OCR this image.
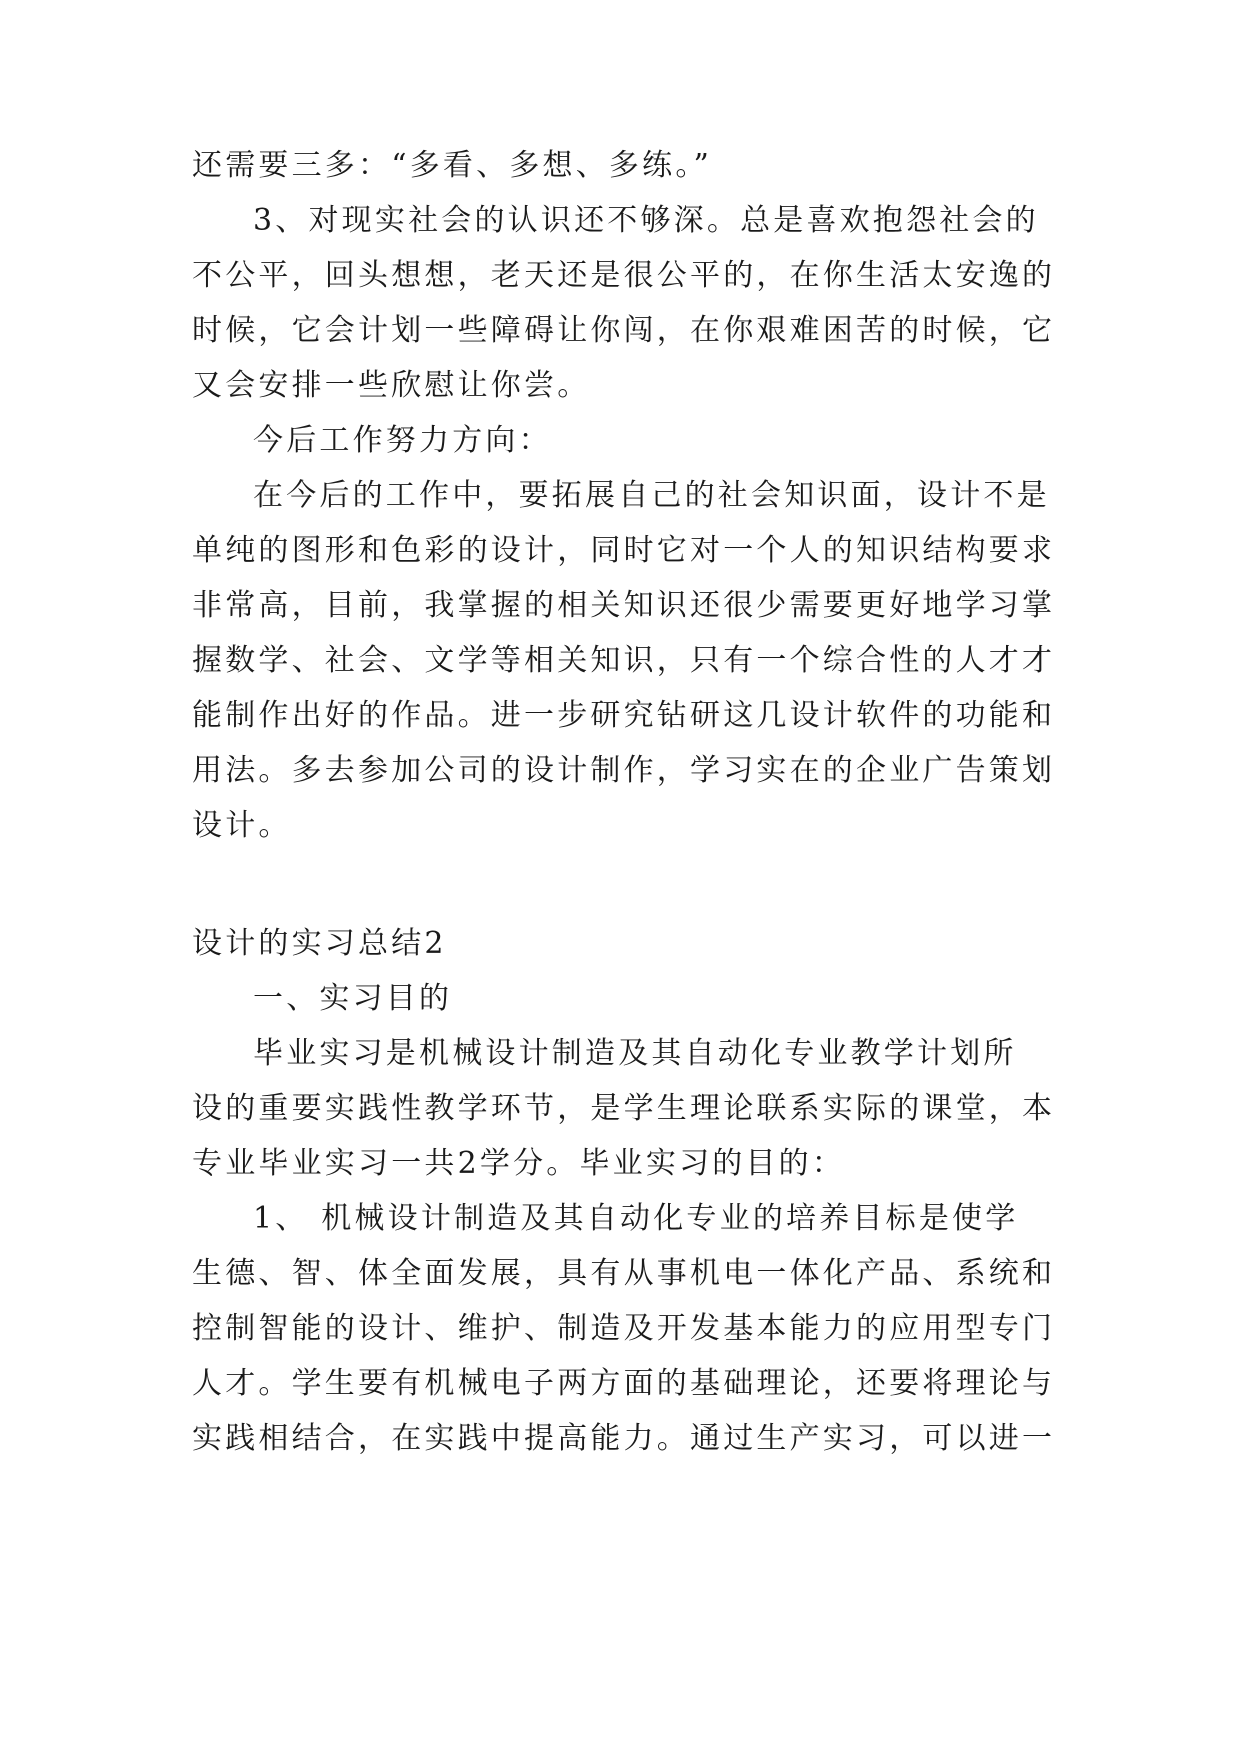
还需要三多：“多看、多想、多练。”
3、对现实社会的认识还不够深。总是喜欢抱怨社会的
不公平，回头想想，老天还是很公平的，在你生活太安逸的
时候，它会计划一些障碍让你闯，在你艰难困苦的时候，它
又会安排一些欣慰让你尝。
今后工作努力方向：
在今后的工作中，要拓展自己的社会知识面，设计不是
单纯的图形和色彩的设计，同时它对一个人的知识结构要求
非常高，目前，我掌握的相关知识还很少需要更好地学习掌
握数学、社会、文学等相关知识，只有一个综合性的人才才
能制作出好的作品。进一步研究钻研这几设计软件的功能和
用法。多去参加公司的设计制作，学习实在的企业广告策划
设计。
设计的实习总结2
一、实习目的
毕业实习是机械设计制造及其自动化专业教学计划所
设的重要实践性教学环节，是学生理论联系实际的课堂，本
专业毕业实习一共2学分。毕业实习的目的：
1、 机械设计制造及其自动化专业的培养目标是使学
生德、智、体全面发展，具有从事机电一体化产品、系统和
控制智能的设计、维护、制造及开发基本能力的应用型专门
人才。学生要有机械电子两方面的基础理论，还要将理论与
实践相结合，在实践中提高能力。通过生产实习，可以进一
